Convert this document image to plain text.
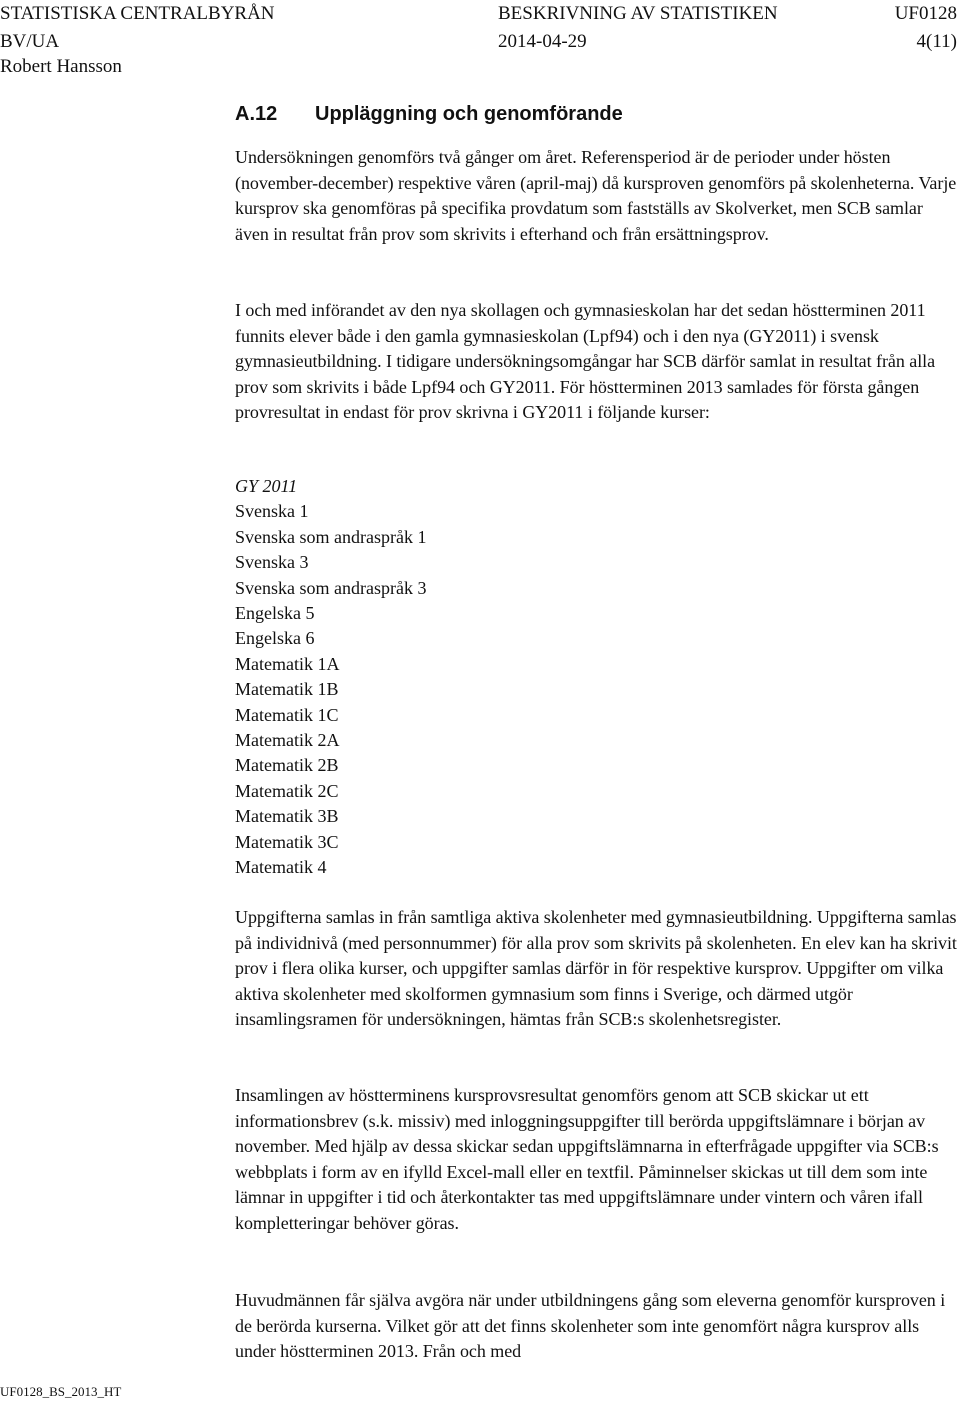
STATISTISKA CENTRALBYRÅN	BESKRIVNING AV STATISTIKEN	UF0128
BV/UA	2014-04-29	4(11)
Robert Hansson
A.12 Uppläggning och genomförande

Undersökningen genomförs två gånger om året. Referensperiod är de perioder under hösten (november-december) respektive våren (april-maj) då kursproven genomförs på skolenheterna. Varje kursprov ska genomföras på specifika provdatum som fastställs av Skolverket, men SCB samlar även in resultat från prov som skrivits i efterhand och från ersättningsprov.

I och med införandet av den nya skollagen och gymnasieskolan har det sedan höstterminen 2011 funnits elever både i den gamla gymnasieskolan (Lpf94) och i den nya (GY2011) i svensk gymnasieutbildning. I tidigare undersökningsomgångar har SCB därför samlat in resultat från alla prov som skrivits i både Lpf94 och GY2011. För höstterminen 2013 samlades för första gången provresultat in endast för prov skrivna i GY2011 i följande kurser:

GY 2011
Svenska 1
Svenska som andraspråk 1
Svenska 3
Svenska som andraspråk 3
Engelska 5
Engelska 6
Matematik 1A
Matematik 1B
Matematik 1C
Matematik 2A
Matematik 2B
Matematik 2C
Matematik 3B
Matematik 3C
Matematik 4

Uppgifterna samlas in från samtliga aktiva skolenheter med gymnasieutbildning. Uppgifterna samlas på individnivå (med personnummer) för alla prov som skrivits på skolenheten. En elev kan ha skrivit prov i flera olika kurser, och uppgifter samlas därför in för respektive kursprov. Uppgifter om vilka aktiva skolenheter med skolformen gymnasium som finns i Sverige, och därmed utgör insamlingsramen för undersökningen, hämtas från SCB:s skolenhetsregister.

Insamlingen av höstterminens kursprovsresultat genomförs genom att SCB skickar ut ett informationsbrev (s.k. missiv) med inloggningsuppgifter till berörda uppgiftslämnare i början av november. Med hjälp av dessa skickar sedan uppgiftslämnarna in efterfrågade uppgifter via SCB:s webbplats i form av en ifylld Excel-mall eller en textfil. Påminnelser skickas ut till dem som inte lämnar in uppgifter i tid och återkontakter tas med uppgiftslämnare under vintern och våren ifall kompletteringar behöver göras.

Huvudmännen får själva avgöra när under utbildningens gång som eleverna genomför kursproven i de berörda kurserna. Vilket gör att det finns skolenheter som inte genomfört några kursprov alls under höstterminen 2013. Från och med

UF0128_BS_2013_HT
